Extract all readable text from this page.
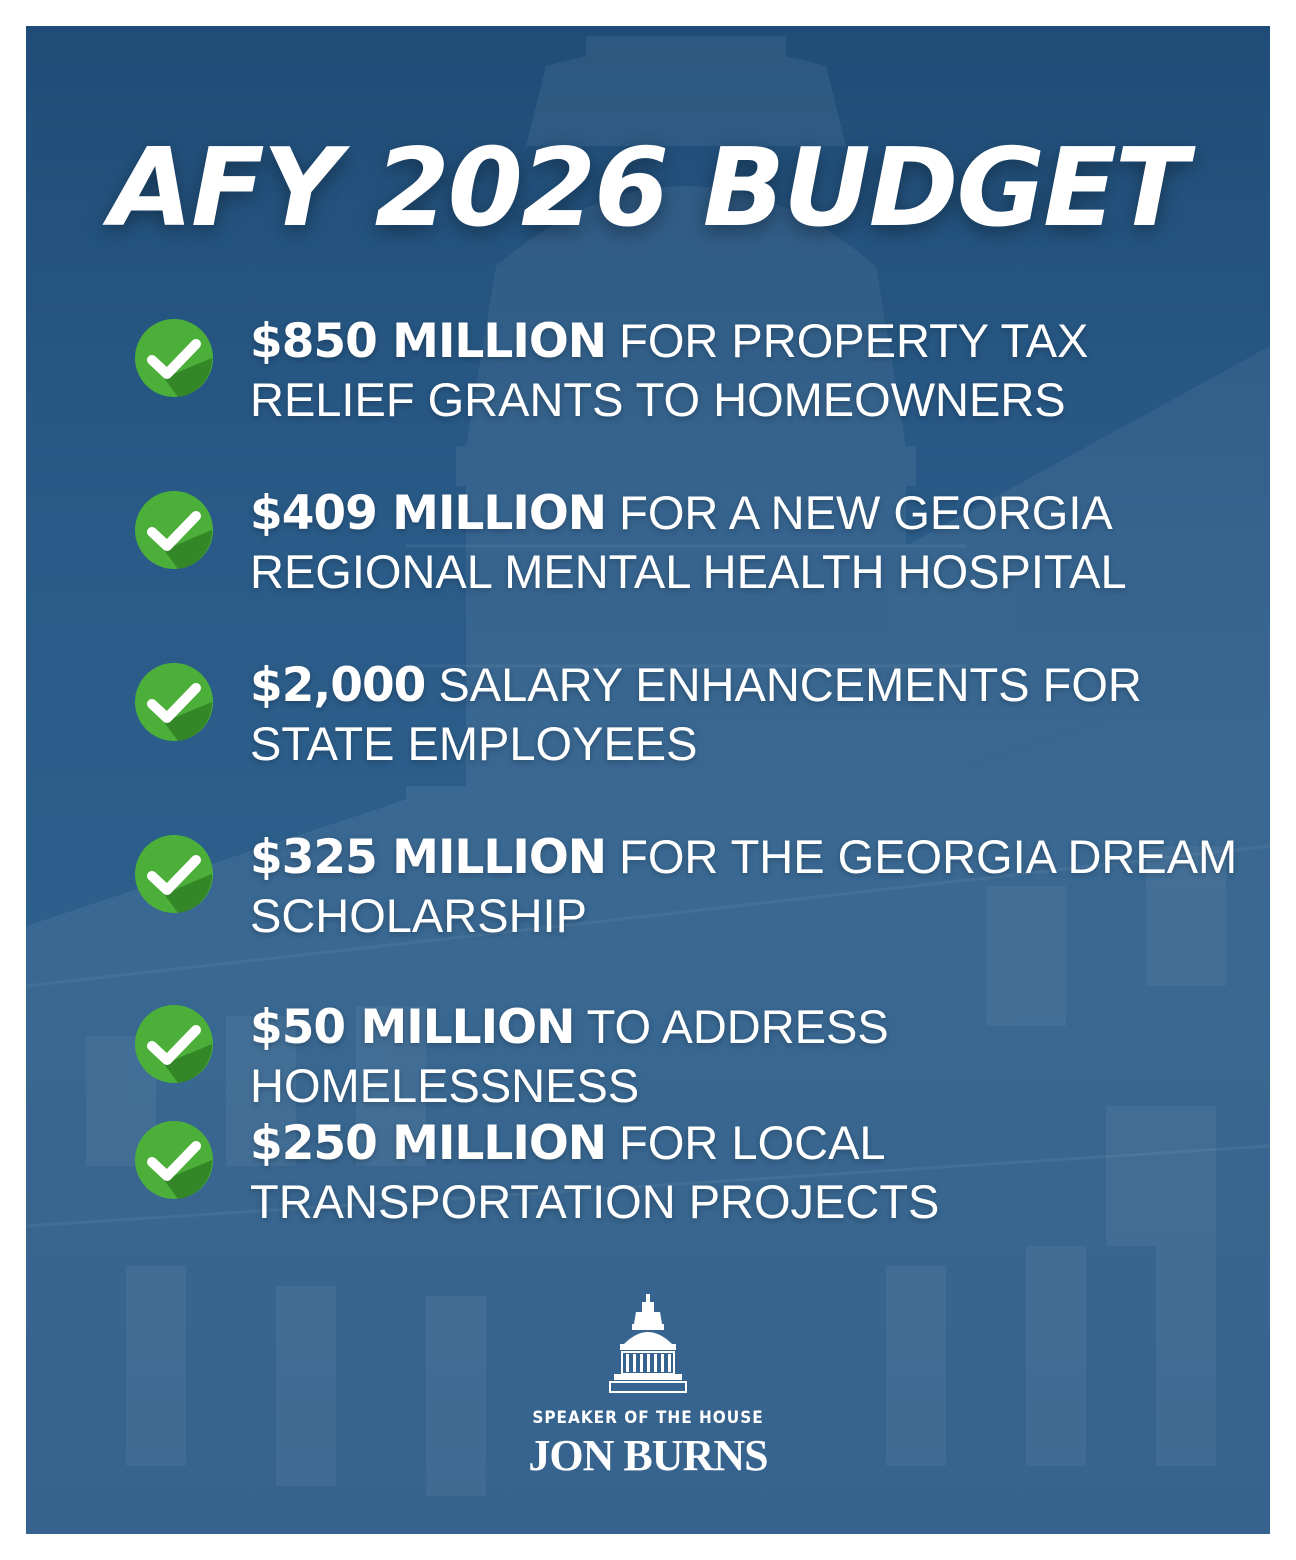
AFY 2026 BUDGET
$850 MILLION FOR PROPERTY TAX
RELIEF GRANTS TO HOMEOWNERS
$409 MILLION FOR A NEW GEORGIA
REGIONAL MENTAL HEALTH HOSPITAL
$2,000 SALARY ENHANCEMENTS FOR
STATE EMPLOYEES
$325 MILLION FOR THE GEORGIA DREAM
SCHOLARSHIP
$50 MILLION TO ADDRESS HOMELESSNESS
$250 MILLION FOR LOCAL
TRANSPORTATION PROJECTS
SPEAKER OF THE HOUSE
JON BURNS
